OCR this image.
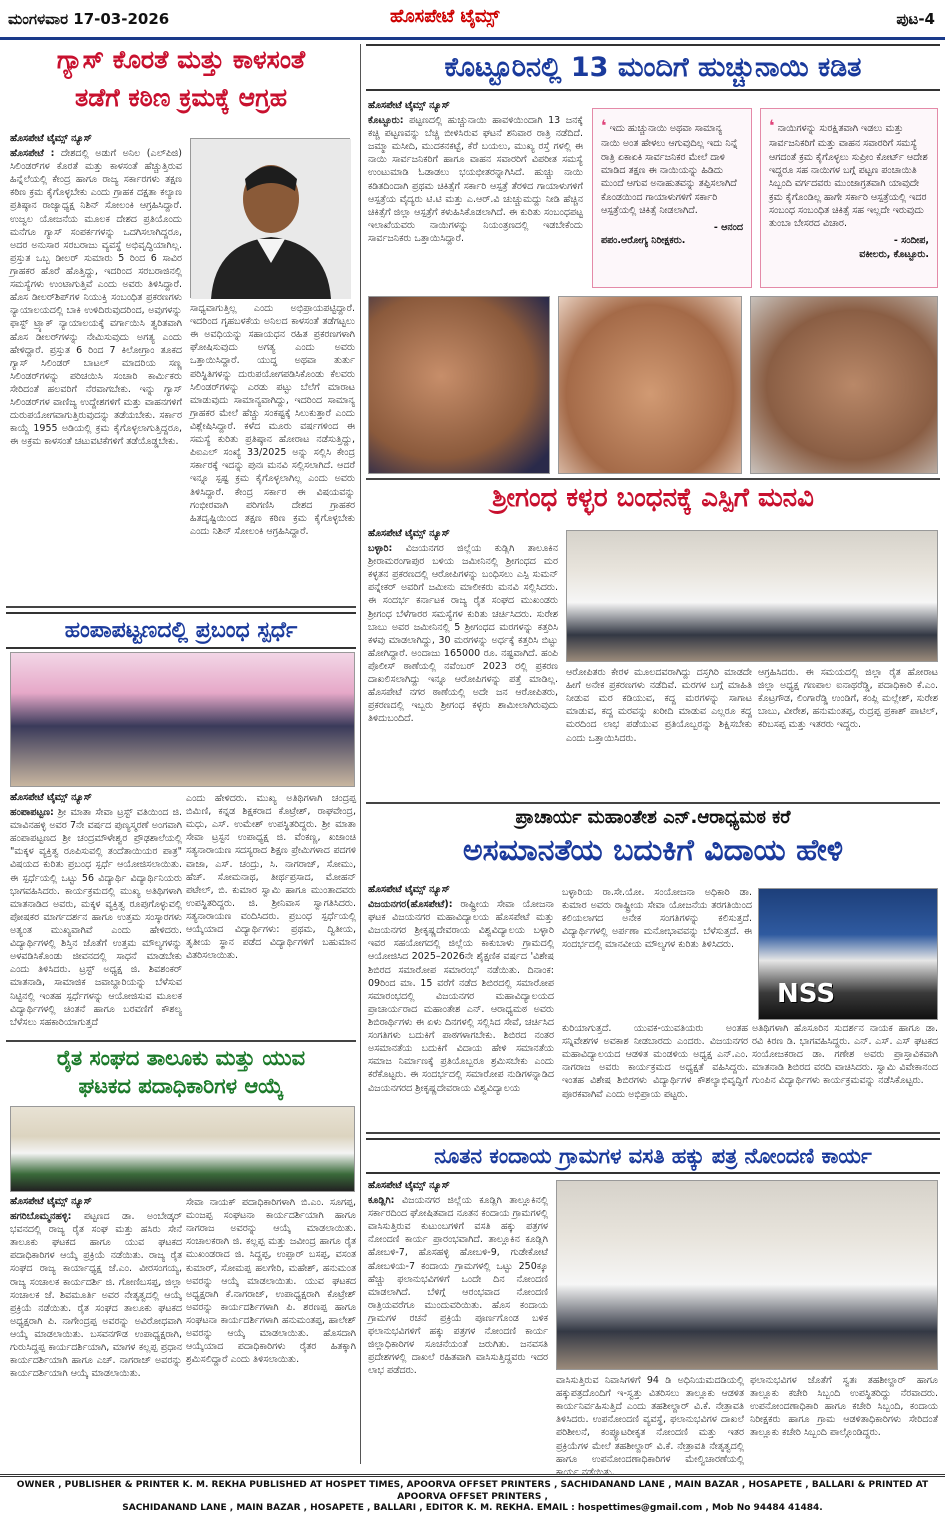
ಮಂಗಳವಾರ 17-03-2026	ಹೊಸಪೇಟೆ ಟೈಮ್ಸ್	ಪುಟ-4
ಗ್ಯಾಸ್ ಕೊರತೆ ಮತ್ತು ಕಾಳಸಂತೆ
ತಡೆಗೆ ಕಠಿಣ ಕ್ರಮಕ್ಕೆ ಆಗ್ರಹ
ಹೊಸಪೇಟೆ ಟೈಮ್ಸ್ ನ್ಯೂಸ್
ಹೊಸಪೇಟೆ : ದೇಶದಲ್ಲಿ ಅಡುಗೆ ಅನಿಲ (ಎಲ್‌ಪಿಜಿ) ಸಿಲಿಂಡರ್‌ಗಳ ಕೊರತೆ ಮತ್ತು ಕಾಳಸಂತೆ ಹೆಚ್ಚುತ್ತಿರುವ ಹಿನ್ನೆಲೆಯಲ್ಲಿ ಕೇಂದ್ರ ಹಾಗೂ ರಾಜ್ಯ ಸರ್ಕಾರಗಳು ತಕ್ಷಣ ಕಠಿಣ ಕ್ರಮ ಕೈಗೊಳ್ಳಬೇಕು ಎಂದು ಗ್ರಾಹಕ ದಕ್ಷತಾ ಕಲ್ಯಾಣ ಪ್ರತಿಷ್ಠಾನ ರಾಜ್ಯಾಧ್ಯಕ್ಷ ನಿಶಿನ್ ಸೋಲಂಕಿ ಆಗ್ರಹಿಸಿದ್ದಾರೆ. ಉಜ್ವಲ ಯೋಜನೆಯ ಮೂಲಕ ದೇಶದ ಪ್ರತಿಯೊಂದು ಮನೆಗೂ ಗ್ಯಾಸ್ ಸಂಪರ್ಕಗಳನ್ನು ಒದಗಿಸಲಾಗಿದ್ದರೂ, ಅದರ ಅನುಸಾರ ಸರಬರಾಜು ವ್ಯವಸ್ಥೆ ಅಭಿವೃದ್ಧಿಯಾಗಿಲ್ಲ. ಪ್ರಸ್ತುತ ಒಬ್ಬ ಡೀಲರ್ ಸುಮಾರು 5 ರಿಂದ 6 ಸಾವಿರ ಗ್ರಾಹಕರ ಹೊರೆ ಹೊತ್ತಿದ್ದು, ಇದರಿಂದ ಸರಬರಾಜಿನಲ್ಲಿ ಸಮಸ್ಯೆಗಳು ಉಂಟಾಗುತ್ತಿವೆ ಎಂದು ಅವರು ತಿಳಿಸಿದ್ದಾರೆ. ಹೊಸ ಡೀಲರ್‌ಶಿಪ್‌ಗಳ ನಿಯುಕ್ತಿ ಸಂಬಂಧಿತ ಪ್ರಕರಣಗಳು ನ್ಯಾಯಾಲಯದಲ್ಲಿ ಬಾಕಿ ಉಳಿದಿರುವುದರಿಂದ, ಅವುಗಳನ್ನು ಫಾಸ್ಟ್ ಟ್ರ್ಯಾಕ್ ನ್ಯಾಯಾಲಯಕ್ಕೆ ವರ್ಗಾಯಿಸಿ ತ್ವರಿತವಾಗಿ ಹೊಸ ಡೀಲರ್‌ಗಳನ್ನು ನೇಮಿಸುವುದು ಅಗತ್ಯ ಎಂದು ಹೇಳಿದ್ದಾರೆ. ಪ್ರಸ್ತುತ 6 ರಿಂದ 7 ಕಿಲೋಗ್ರಾಂ ತೂಕದ ಗ್ಯಾಸ್ ಸಿಲಿಂಡರ್ ಬಾಟಲ್ ಮಾದರಿಯ ಸಣ್ಣ ಸಿಲಿಂಡರ್‌ಗಳನ್ನು ಪರಿಚಯಿಸಿ ಸಂಚಾರಿ ಕಾರ್ಮಿಕರು ಸೇರಿದಂತೆ ಹಲವರಿಗೆ ನೆರವಾಗಬೇಕು. ಇನ್ನು ಗ್ಯಾಸ್ ಸಿಲಿಂಡರ್‌ಗಳ ವಾಣಿಜ್ಯ ಉದ್ದೇಶಗಳಿಗೆ ಮತ್ತು ವಾಹನಗಳಿಗೆ ದುರುಪಯೋಗವಾಗುತ್ತಿರುವುದನ್ನು ತಡೆಯಬೇಕು. ಸರ್ಕಾರ ಕಾಯ್ದೆ 1955 ಅಡಿಯಲ್ಲಿ ಕ್ರಮ ಕೈಗೊಳ್ಳಲಾಗುತ್ತಿದ್ದರೂ, ಈ ಅಕ್ರಮ ಕಾಳಸಂತೆ ಚಟುವಟಿಕೆಗಳಿಗೆ ತಡೆಯೊಡ್ಡಬೇಕು.
ಸಾಧ್ಯವಾಗುತ್ತಿಲ್ಲ ಎಂದು ಅಭಿಪ್ರಾಯಪಟ್ಟಿದ್ದಾರೆ. ಇದರಿಂದ ಗೃಹಬಳಕೆಯ ಅನಿಲದ ಕಾಳಸಂತೆ ತಡೆಗಟ್ಟಲು ಈ ಅವಧಿಯನ್ನು ಸಹಾಯಧನ ರಹಿತ ಪ್ರಕರಣಗಳಾಗಿ ಘೋಷಿಸುವುದು ಅಗತ್ಯ ಎಂದು ಅವರು ಒತ್ತಾಯಿಸಿದ್ದಾರೆ. ಯುದ್ಧ ಅಥವಾ ತುರ್ತು ಪರಿಸ್ಥಿತಿಗಳನ್ನು ದುರುಪಯೋಗಪಡಿಸಿಕೊಂಡು ಕೆಲವರು ಸಿಲಿಂಡರ್‌ಗಳನ್ನು ಎರಡು ಪಟ್ಟು ಬೆಲೆಗೆ ಮಾರಾಟ ಮಾಡುವುದು ಸಾಮಾನ್ಯವಾಗಿದ್ದು, ಇದರಿಂದ ಸಾಮಾನ್ಯ ಗ್ರಾಹಕರ ಮೇಲೆ ಹೆಚ್ಚು ಸಂಕಷ್ಟಕ್ಕೆ ಸಿಲುಕುತ್ತಾರೆ ಎಂದು ವಿಶ್ಲೇಷಿಸಿದ್ದಾರೆ. ಕಳೆದ ಮೂರು ವರ್ಷಗಳಿಂದ ಈ ಸಮಸ್ಯೆ ಕುರಿತು ಪ್ರತಿಷ್ಠಾನ ಹೋರಾಟ ನಡೆಸುತ್ತಿದ್ದು, ಪಿಐಎಲ್ ಸಂಖ್ಯೆ 33/2025 ಅನ್ನು ಸಲ್ಲಿಸಿ ಕೇಂದ್ರ ಸರ್ಕಾರಕ್ಕೆ ಇದನ್ನು ಪುನಃ ಮನವಿ ಸಲ್ಲಿಸಲಾಗಿದೆ. ಆದರೆ ಇನ್ನೂ ಸ್ಪಷ್ಟ ಕ್ರಮ ಕೈಗೊಳ್ಳಲಾಗಿಲ್ಲ ಎಂದು ಅವರು ತಿಳಿಸಿದ್ದಾರೆ. ಕೇಂದ್ರ ಸರ್ಕಾರ ಈ ವಿಷಯವನ್ನು ಗಂಭೀರವಾಗಿ ಪರಿಗಣಿಸಿ ದೇಶದ ಗ್ರಾಹಕರ ಹಿತದೃಷ್ಟಿಯಿಂದ ತಕ್ಷಣ ಕಠಿಣ ಕ್ರಮ ಕೈಗೊಳ್ಳಬೇಕು ಎಂದು ನಿಶಿನ್ ಸೋಲಂಕಿ ಆಗ್ರಹಿಸಿದ್ದಾರೆ.
ಹಂಪಾಪಟ್ಟಣದಲ್ಲಿ ಪ್ರಬಂಧ ಸ್ಪರ್ಧೆ
ಹೊಸಪೇಟೆ ಟೈಮ್ಸ್ ನ್ಯೂಸ್
ಹಂಪಾಪಟ್ಟಣ: ಶ್ರೀ ಮಾತಾ ಸೇವಾ ಟ್ರಸ್ಟ್ ವತಿಯಿಂದ ಜಿ. ಮಾವಿನಹಳ್ಳಿ ಅವರ 7ನೇ ವರ್ಷದ ಪುಣ್ಯಸ್ಮರಣೆ ಅಂಗವಾಗಿ ಹಂಪಾಪಟ್ಟಣದ ಶ್ರೀ ಚಂದ್ರಮೌಳೇಶ್ವರ ಪ್ರೌಢಶಾಲೆಯಲ್ಲಿ "ಮಕ್ಕಳ ವ್ಯಕ್ತಿತ್ವ ರೂಪಿಸುವಲ್ಲಿ ತಂದೆತಾಯಿಯರ ಪಾತ್ರ" ವಿಷಯದ ಕುರಿತು ಪ್ರಬಂಧ ಸ್ಪರ್ಧೆ ಆಯೋಜಿಸಲಾಯಿತು. ಈ ಸ್ಪರ್ಧೆಯಲ್ಲಿ ಒಟ್ಟು 56 ವಿದ್ಯಾರ್ಥಿ ವಿದ್ಯಾರ್ಥಿನಿಯರು ಭಾಗವಹಿಸಿದರು. ಕಾರ್ಯಕ್ರಮದಲ್ಲಿ ಮುಖ್ಯ ಅತಿಥಿಗಳಾಗಿ ಮಾತನಾಡಿದ ಅವರು, ಮಕ್ಕಳ ವ್ಯಕ್ತಿತ್ವ ರೂಪುಗೊಳ್ಳುವಲ್ಲಿ ಪೋಷಕರ ಮಾರ್ಗದರ್ಶನ ಹಾಗೂ ಉತ್ತಮ ಸಂಸ್ಕಾರಗಳು ಅತ್ಯಂತ ಮುಖ್ಯವಾಗಿವೆ ಎಂದು ಹೇಳಿದರು. ವಿದ್ಯಾರ್ಥಿಗಳಲ್ಲಿ ಶಿಸ್ತಿನ ಜೊತೆಗೆ ಉತ್ತಮ ಮೌಲ್ಯಗಳನ್ನು ಅಳವಡಿಸಿಕೊಂಡು ಜೀವನದಲ್ಲಿ ಸಾಧನೆ ಮಾಡಬೇಕು ಎಂದು ತಿಳಿಸಿದರು. ಟ್ರಸ್ಟ್ ಅಧ್ಯಕ್ಷ ಜಿ. ಶಿವಶಂಕರ್ ಮಾತನಾಡಿ, ಸಾಮಾಜಿಕ ಜವಾಬ್ದಾರಿಯನ್ನು ಬೆಳೆಸುವ ನಿಟ್ಟಿನಲ್ಲಿ ಇಂತಹ ಸ್ಪರ್ಧೆಗಳನ್ನು ಆಯೋಜಿಸುವ ಮೂಲಕ ವಿದ್ಯಾರ್ಥಿಗಳಲ್ಲಿ ಚಿಂತನೆ ಹಾಗೂ ಬರವಣಿಗೆ ಕೌಶಲ್ಯ ಬೆಳೆಸಲು ಸಹಕಾರಿಯಾಗುತ್ತದೆ
ಎಂದು ಹೇಳಿದರು. ಮುಖ್ಯ ಅತಿಥಿಗಳಾಗಿ ಚಂದ್ರಪ್ಪ ಬಿಮಿಣಿ, ಕನ್ನಡ ಶಿಕ್ಷಕರಾದ ಕೊಟ್ರೇಶ್, ರಾಘವೇಂದ್ರ, ಮಧು, ಎಸ್. ಉಮೇಶ್ ಉಪಸ್ಥಿತರಿದ್ದರು. ಶ್ರೀ ಮಾತಾ ಸೇವಾ ಟ್ರಸ್ಟನ ಉಪಾಧ್ಯಕ್ಷ ಜಿ. ವೆಂಕಣ್ಣ, ಖಜಾಂಚಿ ಸತ್ಯನಾರಾಯಣ ಸದಸ್ಯರಾದ ಶಿಕ್ಷಣ ಪ್ರೇಮಿಗಳಾದ ಪದಗಳಿ ವಾಜಾ, ಎಸ್. ಚಂದ್ರು, ಸಿ. ನಾಗರಾಜ್, ಸೋಮು, ಹೆಚ್. ಸೋಮನಾಥ, ತೀರ್ಥಪ್ರಸಾದ, ಮೋಹನ್ ಪಟೇಲ್, ಬಿ. ಕುಮಾರ ಸ್ವಾಮಿ ಹಾಗೂ ಮುಂತಾದವರು ಉಪಸ್ಥಿತರಿದ್ದರು. ಜಿ. ಶ್ರೀನಿವಾಸ ಸ್ವಾಗತಿಸಿದರು. ಸತ್ಯನಾರಾಯಣ ವಂದಿಸಿದರು. ಪ್ರಬಂಧ ಸ್ಪರ್ಧೆಯಲ್ಲಿ ಆಯ್ಕೆಯಾದ ವಿದ್ಯಾರ್ಥಿಗಳು: ಪ್ರಥಮ, ದ್ವಿತೀಯ, ತೃತೀಯ ಸ್ಥಾನ ಪಡೆದ ವಿದ್ಯಾರ್ಥಿಗಳಿಗೆ ಬಹುಮಾನ ವಿತರಿಸಲಾಯಿತು.
ರೈತ ಸಂಘದ ತಾಲೂಕು ಮತ್ತು ಯುವ
ಘಟಕದ ಪದಾಧಿಕಾರಿಗಳ ಆಯ್ಕೆ
ಹೊಸಪೇಟೆ ಟೈಮ್ಸ್ ನ್ಯೂಸ್
ಹಗರಿಬೊಮ್ಮನಹಳ್ಳಿ: ಪಟ್ಟಣದ ಡಾ. ಅಂಬೇಡ್ಕರ್ ಭವನದಲ್ಲಿ ರಾಜ್ಯ ರೈತ ಸಂಘ ಮತ್ತು ಹಸಿರು ಸೇನೆ ತಾಲೂಕು ಘಟಕದ ಹಾಗೂ ಯುವ ಘಟಕದ ಪದಾಧಿಕಾರಿಗಳ ಆಯ್ಕೆ ಪ್ರಕ್ರಿಯೆ ನಡೆಯಿತು. ರಾಜ್ಯ ರೈತ ಸಂಘದ ರಾಜ್ಯ ಕಾರ್ಯಾಧ್ಯಕ್ಷ ಜೆ.ಎಂ. ವೀರಸಂಗಯ್ಯ, ರಾಜ್ಯ ಸಂಚಾಲಕ ಕಾರ್ಯದರ್ಶಿ ಜಿ. ಗೋಣಿಬಸಪ್ಪ, ಜಿಲ್ಲಾ ಸಂಚಾಲಕ ಜೆ. ಶಿವಮೂರ್ತಿ ಅವರ ನೇತೃತ್ವದಲ್ಲಿ ಆಯ್ಕೆ ಪ್ರಕ್ರಿಯೆ ನಡೆಯಿತು. ರೈತ ಸಂಘದ ತಾಲೂಕು ಘಟಕದ ಅಧ್ಯಕ್ಷರಾಗಿ ಪಿ. ನಾಗೇಂದ್ರಪ್ಪ ಅವರನ್ನು ಅವಿರೋಧವಾಗಿ ಆಯ್ಕೆ ಮಾಡಲಾಯಿತು. ಬಸವನಗೌಡ ಉಪಾಧ್ಯಕ್ಷರಾಗಿ, ಗುರುಸಿದ್ದಪ್ಪ ಕಾರ್ಯದರ್ಶಿಯಾಗಿ, ಮಾಗಳ ಕಲ್ಲಪ್ಪ ಪ್ರಧಾನ ಕಾರ್ಯದರ್ಶಿಯಾಗಿ ಹಾಗೂ ಎಚ್. ನಾಗರಾಜ್ ಅವರನ್ನು ಕಾರ್ಯದರ್ಶಿಯಾಗಿ ಆಯ್ಕೆ ಮಾಡಲಾಯಿತು.
ಸೇವಾ ನಾಯಕ್ ಪದಾಧಿಕಾರಿಗಳಾಗಿ ಬಿ.ಎಂ. ಸೂಗಪ್ಪ, ಮಂಜಪ್ಪ ಸಂಘಟನಾ ಕಾರ್ಯದರ್ಶಿಯಾಗಿ ಹಾಗೂ ನಾಗರಾಜ ಅವರನ್ನು ಆಯ್ಕೆ ಮಾಡಲಾಯಿತು. ಸಂಚಾಲಕರಾಗಿ ಜಿ. ಕಲ್ಲಪ್ಪ ಮತ್ತು ಜವೀಂದ್ರ ಹಾಗೂ ರೈತ ಮುಖಂಡರಾದ ಜಿ. ಸಿದ್ದಪ್ಪ, ಉಪ್ಪಾರ್ ಬಸಪ್ಪ, ವಸಂತ ಕುಮಾರ್, ಸೋಮಪ್ಪ ಹಲಗೇರಿ, ಮಹೇಶ್, ಹನುಮಂತ ಅವರನ್ನು ಆಯ್ಕೆ ಮಾಡಲಾಯಿತು. ಯುವ ಘಟಕದ ಅಧ್ಯಕ್ಷರಾಗಿ ಕೆ.ನಾಗರಾಜ್, ಉಪಾಧ್ಯಕ್ಷರಾಗಿ ಕೊಟ್ರೇಶ್ ಅವರನ್ನು ಕಾರ್ಯದರ್ಶಿಗಳಾಗಿ ಪಿ. ಶರಣಪ್ಪ ಹಾಗೂ ಸಂಘಟನಾ ಕಾರ್ಯದರ್ಶಿಗಳಾಗಿ ಹನುಮಂತಪ್ಪ, ಹಾಲೇಶ್ ಅವರನ್ನು ಆಯ್ಕೆ ಮಾಡಲಾಯಿತು. ಹೊಸದಾಗಿ ಆಯ್ಕೆಯಾದ ಪದಾಧಿಕಾರಿಗಳು ರೈತರ ಹಿತಕ್ಕಾಗಿ ಶ್ರಮಿಸಲಿದ್ದಾರೆ ಎಂದು ತಿಳಿಸಲಾಯಿತು.
ಕೊಟ್ಟೂರಿನಲ್ಲಿ 13 ಮಂದಿಗೆ ಹುಚ್ಚುನಾಯಿ ಕಡಿತ
ಹೊಸಪೇಟೆ ಟೈಮ್ಸ್ ನ್ಯೂಸ್
ಕೊಟ್ಟೂರು: ಪಟ್ಟಣದಲ್ಲಿ ಹುಚ್ಚುನಾಯಿ ಹಾವಳಿಯಿಂದಾಗಿ 13 ಜನಕ್ಕೆ ಕಚ್ಚಿ ಪಟ್ಟಣವನ್ನು ಬೆಚ್ಚಿ ಬೀಳಿಸಿರುವ ಘಟನೆ ಶನಿವಾರ ರಾತ್ರಿ ನಡೆದಿದೆ. ಜಮ್ಮಾ ಮಸೀದಿ, ಮುದಕನಕಟ್ಟೆ, ಕೆರೆ ಬಯಲು, ಮುಖ್ಯ ರಸ್ತೆ ಗಳಲ್ಲಿ ಈ ನಾಯಿ ಸಾರ್ವಜನಿಕರಿಗೆ ಹಾಗೂ ವಾಹನ ಸವಾರರಿಗೆ ವಿಪರೀತ ಸಮಸ್ಯೆ ಉಂಟುಮಾಡಿ ಓಡಾಡಲು ಭಯಭೀತರನ್ನಾಗಿಸಿದೆ. ಹುಚ್ಚು ನಾಯಿ ಕಡಿತದಿಂದಾಗಿ ಪ್ರಥಮ ಚಿಕಿತ್ಸೆಗೆ ಸರ್ಕಾರಿ ಆಸ್ಪತ್ರೆ ತೆರಳಿದ ಗಾಯಾಳುಗಳಿಗೆ ಆಸ್ಪತ್ರೆಯ ವೈದ್ಯರು ಟಿ.ಟಿ ಮತ್ತು ಎ.ಆರ್.ವಿ ಚುಚ್ಚುಮದ್ದು ನೀಡಿ ಹೆಚ್ಚಿನ ಚಿಕಿತ್ಸೆಗೆ ಜಿಲ್ಲಾ ಆಸ್ಪತ್ರೆಗೆ ಕಳುಹಿಸಿಕೊಡಲಾಗಿದೆ. ಈ ಕುರಿತು ಸಂಬಂಧಪಟ್ಟ ಇಲಾಖೆಯವರು ನಾಯಿಗಳನ್ನು ನಿಯಂತ್ರಣದಲ್ಲಿ ಇಡಬೇಕೆಂದು ಸಾರ್ವಜನಿಕರು ಒತ್ತಾಯಿಸಿದ್ದಾರೆ.
❛ ಇದು ಹುಚ್ಚುನಾಯಿ ಅಥವಾ ಸಾಮಾನ್ಯ ನಾಯಿ ಅಂತ ಹೇಳಲು ಆಗುವುದಿಲ್ಲ ಇದು ನಿನ್ನೆ ರಾತ್ರಿ ಏಕಾಏಕಿ ಸಾರ್ವಜನಿಕರ ಮೇಲೆ ದಾಳಿ ಮಾಡಿದ ತಕ್ಷಣ ಈ ನಾಯಿಯನ್ನು ಹಿಡಿದು ಮುಂದೆ ಆಗುವ ಅನಾಹುತವನ್ನು ತಪ್ಪಿಸಲಾಗಿದೆ ಕೊಂಡಯಿಂದ ಗಾಯಾಳುಗಳಿಗೆ ಸರ್ಕಾರಿ ಆಸ್ಪತ್ರೆಯಲ್ಲಿ ಚಿಕಿತ್ಸೆ ನೀಡಲಾಗಿದೆ.
- ಆನಂದ
ಪಪಂ.ಆರೋಗ್ಯ ನಿರೀಕ್ಷಕರು.
❛ ನಾಯಿಗಳನ್ನು ಸುರಕ್ಷಿತವಾಗಿ ಇಡಲು ಮತ್ತು ಸಾರ್ವಜನಿಕರಿಗೆ ಮತ್ತು ವಾಹನ ಸವಾರರಿಗೆ ಸಮಸ್ಯೆ ಆಗದಂತೆ ಕ್ರಮ ಕೈಗೊಳ್ಳಲು ಸುಪ್ರೀಂ ಕೋರ್ಟ್ ಆದೇಶ ಇದ್ದರೂ ಸಹ ನಾಯಿಗಳ ಬಗ್ಗೆ ಪಟ್ಟಣ ಪಂಚಾಯಿತಿ ಸಿಬ್ಬಂದಿ ವರ್ಗದವರು ಮುಂಜಾಗ್ರತವಾಗಿ ಯಾವುದೇ ಕ್ರಮ ಕೈಗೊಂಡಿಲ್ಲ ಹಾಗೇ ಸರ್ಕಾರಿ ಆಸ್ಪತ್ರೆಯಲ್ಲಿ ಇದರ ಸಂಬಂಧ ಸಂಬಂಧಿತ ಚಿಕಿತ್ಸೆ ಸಹ ಇಲ್ಲದೇ ಇರುವುದು ತುಂಬಾ ಬೇಸರದ ವಿಚಾರ.
- ಸಂದೀಪ,
ವಕೀಲರು, ಕೊಟ್ಟೂರು.
ಶ್ರೀಗಂಧ ಕಳ್ಳರ ಬಂಧನಕ್ಕೆ ಎಸ್ಪಿಗೆ ಮನವಿ
ಹೊಸಪೇಟೆ ಟೈಮ್ಸ್ ನ್ಯೂಸ್
ಬಳ್ಳಾರಿ: ವಿಜಯನಗರ ಜಿಲ್ಲೆಯ ಕುಡ್ಲಿಗಿ ತಾಲೂಕಿನ ಶ್ರೀರಾಮರಂಗಾಪುರ ಬಳಿಯ ಜಮೀನಿನಲ್ಲಿ ಶ್ರೀಗಂಧದ ಮರ ಕಳ್ಳತನ ಪ್ರಕರಣದಲ್ಲಿ ಆರೋಪಿಗಳನ್ನು ಬಂಧಿಸಲು ಎಸ್ಪಿ ಸುಮನ್ ಪನ್ನೇಕರ್ ಅವರಿಗೆ ಜಮೀನು ಮಾಲೀಕರು ಮನವಿ ಸಲ್ಲಿಸಿದರು. ಈ ಸಂದರ್ಭ ಕರ್ನಾಟಕ ರಾಜ್ಯ ರೈತ ಸಂಘದ ಮುಖಂಡರು ಶ್ರೀಗಂಧ ಬೆಳೆಗಾರರ ಸಮಸ್ಯೆಗಳ ಕುರಿತು ಚರ್ಚಿಸಿದರು. ಸುರೇಶ ಬಾಬು ಅವರ ಜಮೀನಿನಲ್ಲಿ 5 ಶ್ರೀಗಂಧದ ಮರಗಳನ್ನು ಕತ್ತರಿಸಿ ಕಳವು ಮಾಡಲಾಗಿದ್ದು, 30 ಮರಗಳನ್ನು ಅರ್ಧಕ್ಕೆ ಕತ್ತರಿಸಿ ಬಿಟ್ಟು ಹೋಗಿದ್ದಾರೆ. ಅಂದಾಜು 165000 ರೂ. ನಷ್ಟವಾಗಿದೆ. ಹಂಪಿ ಪೊಲೀಸ್ ಠಾಣೆಯಲ್ಲಿ ನವೆಂಬರ್ 2023 ರಲ್ಲಿ ಪ್ರಕರಣ ದಾಖಲಿಸಲಾಗಿದ್ದು ಇನ್ನೂ ಆರೋಪಿಗಳನ್ನು ಪತ್ತೆ ಮಾಡಿಲ್ಲ. ಹೊಸಪೇಟೆ ನಗರ ಠಾಣೆಯಲ್ಲಿ ಅದೇ ಜನ ಆರೋಪಿತರು, ಪ್ರಕರಣದಲ್ಲಿ ಇಬ್ಬರು ಶ್ರೀಗಂಧ ಕಳ್ಳರು ಶಾಮೀಲಾಗಿರುವುದು ತಿಳಿದುಬಂದಿದೆ.
ಆರೋಪಿತರು ಕೇರಳ ಮೂಲದವರಾಗಿದ್ದು ದಸ್ತಗಿರಿ ಮಾಡದೇ ಹೀಗೆ ಅನೇಕ ಪ್ರಕರಣಗಳು ನಡೆದಿವೆ. ಮರಗಳ ಬಗ್ಗೆ ಮಾಹಿತಿ ನೀಡುವ ಮರ ಕಡಿಯುವ, ಕದ್ದ ಮರಗಳನ್ನು ಸಾಗಾಟ ಮಾಡುವ, ಕದ್ದ ಮರವನ್ನು ಖರೀದಿ ಮಾಡುವ ಎಲ್ಲರೂ ಕದ್ದ ಮರದಿಂದ ಲಾಭ ಪಡೆಯುವ ಪ್ರತಿಯೊಬ್ಬರನ್ನು ಶಿಕ್ಷಿಸಬೇಕು ಎಂದು ಒತ್ತಾಯಿಸಿದರು.
ಆಗ್ರಹಿಸಿದರು. ಈ ಸಮಯದಲ್ಲಿ ಜಿಲ್ಲಾ ರೈತ ಹೋರಾಟ ಜಿಲ್ಲಾ ಅಧ್ಯಕ್ಷ ಗಣಪಾಲ ಐನಾಥರೆಡ್ಡಿ, ಪದಾಧಿಕಾರಿ ಕೆ.ಎಂ. ಕೊಟ್ರಗೌಡ, ಲಿಂಗಾರೆಡ್ಡಿ ಉಂಡಿಗೆ, ಕಂಪ್ಲಿ ಮಲ್ಲೇಶ್, ಸುರೇಶ ಬಾಬು, ವೀರೇಶ, ಹನುಮಂತಪ್ಪ, ರುದ್ರಪ್ಪ ಪ್ರಕಾಶ್ ಪಾಟಿಲ್, ಕರಿಬಸಪ್ಪ ಮತ್ತು ಇತರರು ಇದ್ದರು.
ಪ್ರಾಚಾರ್ಯ ಮಹಾಂತೇಶ ಎನ್.ಆರಾಧ್ಯಮಠ ಕರೆ
ಅಸಮಾನತೆಯ ಬದುಕಿಗೆ ವಿದಾಯ ಹೇಳಿ
ಹೊಸಪೇಟೆ ಟೈಮ್ಸ್ ನ್ಯೂಸ್
ವಿಜಯನಗರ(ಹೊಸಪೇಟೆ): ರಾಷ್ಟ್ರೀಯ ಸೇವಾ ಯೋಜನಾ ಘಟಕ ವಿಜಯನಗರ ಮಹಾವಿದ್ಯಾಲಯ ಹೊಸಪೇಟೆ ಮತ್ತು ವಿಜಯನಗರ ಶ್ರೀಕೃಷ್ಣದೇವರಾಯ ವಿಶ್ವವಿದ್ಯಾಲಯ ಬಳ್ಳಾರಿ ಇವರ ಸಹಯೋಗದಲ್ಲಿ ಜಿಲ್ಲೆಯ ಕಾಕುಬಾಳು ಗ್ರಾಮದಲ್ಲಿ ಆಯೋಜಿಸಿದ 2025–2026ನೇ ಶೈಕ್ಷಣಿಕ ವರ್ಷದ 'ವಿಶೇಷ ಶಿಬಿರದ ಸಮಾರೋಪ ಸಮಾರಂಭ' ನಡೆಯಿತು. ದಿನಾಂಕ: 09ರಿಂದ ಮಾ. 15 ವರೆಗೆ ನಡೆದ ಶಿಬಿರದಲ್ಲಿ ಸಮಾರೋಪ ಸಮಾರಂಭದಲ್ಲಿ ವಿಜಯನಗರ ಮಹಾವಿದ್ಯಾಲಯದ ಪ್ರಾಚಾರ್ಯರಾದ ಮಹಾಂತೇಶ ಎನ್. ಆರಾಧ್ಯಮಠ ಅವರು ಶಿಬಿರಾರ್ಥಿಗಳು ಈ ಏಳು ದಿನಗಳಲ್ಲಿ ಸಲ್ಲಿಸಿದ ಸೇವೆ, ಚರ್ಚಿಸಿದ ಸಂಗತಿಗಳು ಬದುಕಿಗೆ ಪಾಠಗಳಾಗಬೇಕು. ಶಿಬಿರದ ನಂತರ ಅಸಮಾನತೆಯ ಬದುಕಿಗೆ ವಿದಾಯ ಹೇಳಿ ಸಮಾನತೆಯ ಸಮಾಜ ನಿರ್ಮಾಣಕ್ಕೆ ಪ್ರತಿಯೊಬ್ಬರೂ ಶ್ರಮಿಸಬೇಕು ಎಂದು ಕರೆಕೊಟ್ಟರು. ಈ ಸಂದರ್ಭದಲ್ಲಿ ಸಮಾರೋಪ ನುಡಿಗಳನ್ನಾಡಿದ ವಿಜಯನಗರದ ಶ್ರೀಕೃಷ್ಣದೇವರಾಯ ವಿಶ್ವವಿದ್ಯಾಲಯ
ಬಳ್ಳಾರಿಯ ರಾ.ಸೇ.ಯೋ. ಸಂಯೋಜನಾ ಅಧಿಕಾರಿ ಡಾ. ಕುಮಾರ ಅವರು ರಾಷ್ಟ್ರೀಯ ಸೇವಾ ಯೋಜನೆಯ ತರಗತಿಯಿಂದ ಕಲಿಯಲಾಗದ ಅನೇಕ ಸಂಗತಿಗಳನ್ನು ಕಲಿಸುತ್ತದೆ. ವಿದ್ಯಾರ್ಥಿಗಳಲ್ಲಿ ಅರ್ಪಣಾ ಮನೋಭಾವವನ್ನು ಬೆಳೆಸುತ್ತದೆ. ಈ ಸಂದರ್ಭದಲ್ಲಿ ಮಾನವೀಯ ಮೌಲ್ಯಗಳ ಕುರಿತು ತಿಳಿಸಿದರು.
NSS
ಕುರಿಯಾಗುತ್ತದೆ. ಯುವಕ-ಯುವತಿಯರು ಅಂತಹ ಸನ್ನಿವೇಶಗಳ ಅವಕಾಶ ನೀಡಬಾರದು ಎಂದರು. ವಿಜಯನಗರ ಮಹಾವಿದ್ಯಾಲಯದ ಆಡಳಿತ ಮಂಡಳಿಯ ಅಧ್ಯಕ್ಷ ಎನ್.ಎಂ. ನಾಗರಾಜ ಅವರು ಕಾರ್ಯಕ್ರಮದ ಅಧ್ಯಕ್ಷತೆ ವಹಿಸಿದ್ದರು. ಇಂತಹ ವಿಶೇಷ ಶಿಬಿರಗಳು ವಿದ್ಯಾರ್ಥಿಗಳ ಕೌಶಲ್ಯಾಭಿವೃದ್ಧಿಗೆ ಪೂರಕವಾಗಿವೆ ಎಂದು ಅಭಿಪ್ರಾಯ ಪಟ್ಟರು.
ಅತಿಥಿಗಳಾಗಿ ಹೊಸೂರಿನ ಸುದರ್ಶನ ನಾಯಕ ಹಾಗೂ ಡಾ. ರವಿ ಕಿರಣ ಡಿ. ಭಾಗವಹಿಸಿದ್ದರು. ಎನ್. ಎಸ್. ಎಸ್ ಘಟಕದ ಸಂಯೋಜಕರಾದ ಡಾ. ಗಣೇಶ ಅವರು ಪ್ರಾಸ್ತಾವಿಕವಾಗಿ ಮಾತನಾಡಿ ಶಿಬಿರದ ವರದಿ ವಾಚಿಸಿದರು. ಸ್ವಾಮಿ ವಿವೇಕಾನಂದ ಗುಂಪಿನ ವಿದ್ಯಾರ್ಥಿಗಳು ಕಾರ್ಯಕ್ರಮವನ್ನು ನಡೆಸಿಕೊಟ್ಟರು.
ನೂತನ ಕಂದಾಯ ಗ್ರಾಮಗಳ ವಸತಿ ಹಕ್ಕು ಪತ್ರ ನೋಂದಣಿ ಕಾರ್ಯ
ಹೊಸಪೇಟೆ ಟೈಮ್ಸ್ ನ್ಯೂಸ್
ಕೂಡ್ಲಿಗಿ: ವಿಜಯನಗರ ಜಿಲ್ಲೆಯ ಕೂಡ್ಲಿಗಿ ತಾಲ್ಲೂಕಿನಲ್ಲಿ ಸರ್ಕಾರದಿಂದ ಘೋಷಿತವಾದ ನೂತನ ಕಂದಾಯ ಗ್ರಾಮಗಳಲ್ಲಿ ವಾಸಿಸುತ್ತಿರುವ ಕುಟುಂಬಗಳಿಗೆ ವಸತಿ ಹಕ್ಕು ಪತ್ರಗಳ ನೋಂದಣಿ ಕಾರ್ಯ ಪ್ರಾರಂಭವಾಗಿದೆ. ತಾಲ್ಲೂಕಿನ ಕೂಡ್ಲಿಗಿ ಹೋಬಳಿ-7, ಹೊಸಹಳ್ಳಿ ಹೋಬಳಿ-9, ಗುಡೇಕೋಟೆ ಹೋಬಳಿಯ-7 ಕಂದಾಯ ಗ್ರಾಮಗಳಲ್ಲಿ ಒಟ್ಟು 250ಕ್ಕೂ ಹೆಚ್ಚು ಫಲಾನುಭವಿಗಳಿಗೆ ಒಂದೇ ದಿನ ನೋಂದಣಿ ಮಾಡಲಾಗಿದೆ. ಬೆಳಿಗ್ಗೆ ಆರಂಭವಾದ ನೋಂದಣಿ ರಾತ್ರಿಯವರೆಗೂ ಮುಂದುವರಿಯಿತು. ಹೊಸ ಕಂದಾಯ ಗ್ರಾಮಗಳ ರಚನೆ ಪ್ರಕ್ರಿಯೆ ಪೂರ್ಣಗೊಂಡ ಬಳಿಕ ಫಲಾನುಭವಿಗಳಿಗೆ ಹಕ್ಕು ಪತ್ರಗಳ ನೋಂದಣಿ ಕಾರ್ಯ ಜಿಲ್ಲಾಧಿಕಾರಿಗಳ ಸೂಚನೆಯಂತೆ ಜರುಗಿತು. ಜನವಸತಿ ಪ್ರದೇಶಗಳಲ್ಲಿ ದಾಖಲೆ ರಹಿತವಾಗಿ ವಾಸಿಸುತ್ತಿದ್ದವರು ಇದರ ಲಾಭ ಪಡೆದರು.
ವಾಸಿಸುತ್ತಿರುವ ನಿವಾಸಿಗಳಿಗೆ 94 ಡಿ ಅಧಿನಿಯಮದಡಿಯಲ್ಲಿ ಹಕ್ಕುಪತ್ರದೊಂದಿಗೆ ಇ-ಸ್ವತ್ತು ವಿತರಿಸಲು ತಾಲ್ಲೂಕು ಆಡಳಿತ ಕಾರ್ಯನಿರ್ವಹಿಸುತ್ತಿದೆ ಎಂದು ತಹಶೀಲ್ದಾರ್ ವಿ.ಕೆ. ನೇತ್ರಾವತಿ ತಿಳಿಸಿದರು. ಉಪನೋಂದಣಿ ವ್ಯವಸ್ಥೆ, ಫಲಾನುಭವಿಗಳ ದಾಖಲೆ ಪರಿಶೀಲನೆ, ಕಂಪ್ಯೂಟರೀಕೃತ ನೋಂದಣಿ ಮತ್ತು ಇತರ ಪ್ರಕ್ರಿಯೆಗಳ ಮೇಲೆ ತಹಶೀಲ್ದಾರ್ ವಿ.ಕೆ. ನೇತ್ರಾವತಿ ನೇತೃತ್ವದಲ್ಲಿ ಹಾಗೂ ಉಪನೋಂದಣಾಧಿಕಾರಿಗಳ ಮೇಲ್ವಿಚಾರಣೆಯಲ್ಲಿ ಕಾರ್ಯ ನಡೆಯಿತು.
ಫಲಾನುಭವಿಗಳ ಜೊತೆಗೆ ಸ್ವತಃ ತಹಶೀಲ್ದಾರ್ ಹಾಗೂ ತಾಲ್ಲೂಕು ಕಚೇರಿ ಸಿಬ್ಬಂದಿ ಉಪಸ್ಥಿತರಿದ್ದು ನೆರವಾದರು. ಉಪನೋಂದಣಾಧಿಕಾರಿ ಹಾಗೂ ಕಚೇರಿ ಸಿಬ್ಬಂದಿ, ಕಂದಾಯ ನಿರೀಕ್ಷಕರು ಹಾಗೂ ಗ್ರಾಮ ಆಡಳಿತಾಧಿಕಾರಿಗಳು ಸೇರಿದಂತೆ ತಾಲ್ಲೂಕು ಕಚೇರಿ ಸಿಬ್ಬಂದಿ ಪಾಲ್ಗೊಂಡಿದ್ದರು.
OWNER , PUBLISHER & PRINTER K. M. REKHA PUBLISHED AT HOSPET TIMES, APOORVA OFFSET PRINTERS , SACHIDANAND LANE , MAIN BAZAR , HOSAPETE , BALLARI & PRINTED AT APOORVA OFFSET PRINTERS ,
SACHIDANAND LANE , MAIN BAZAR , HOSAPETE , BALLARI , EDITOR K. M. REKHA. EMAIL : hospettimes@gmail.com , Mob No 94484 41484.
